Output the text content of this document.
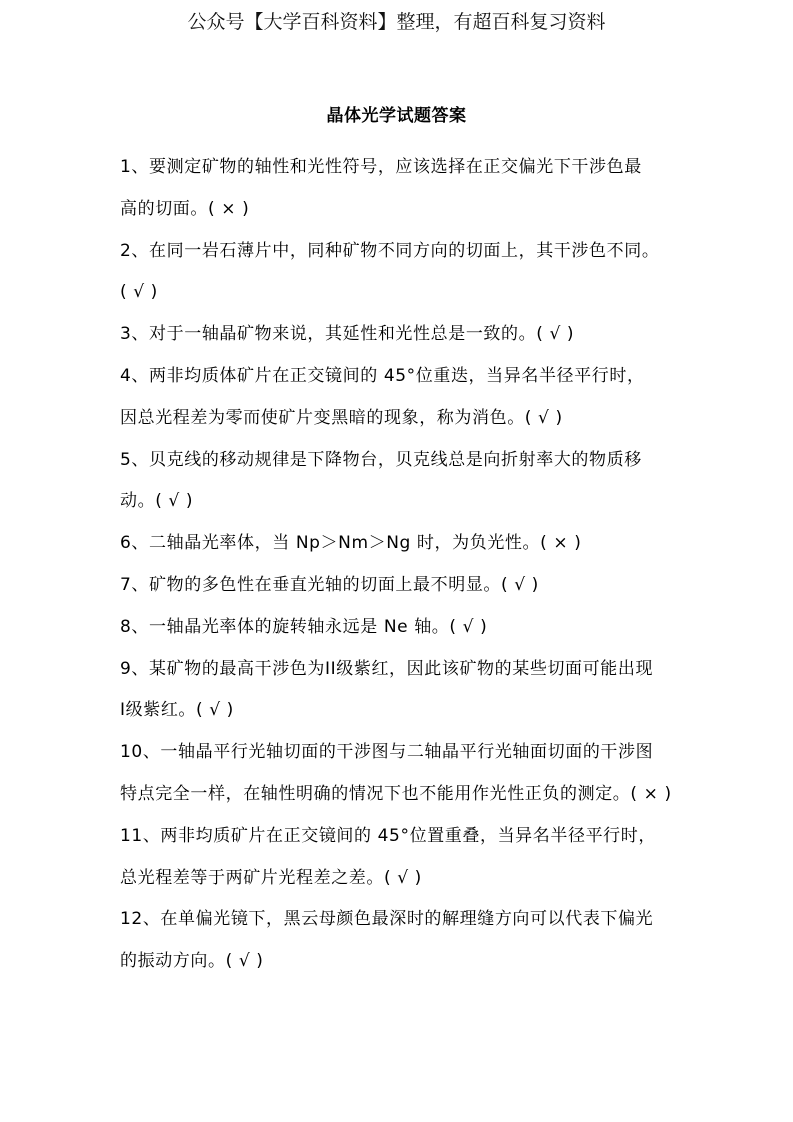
公众号【大学百科资料】整理，有超百科复习资料
晶体光学试题答案
1、要测定矿物的轴性和光性符号，应该选择在正交偏光下干涉色最
高的切面。( × )
2、在同一岩石薄片中，同种矿物不同方向的切面上，其干涉色不同。
( √ )
3、对于一轴晶矿物来说，其延性和光性总是一致的。( √ )
4、两非均质体矿片在正交镜间的 45°位重迭，当异名半径平行时，
因总光程差为零而使矿片变黑暗的现象，称为消色。( √ )
5、贝克线的移动规律是下降物台，贝克线总是向折射率大的物质移
动。( √ )
6、二轴晶光率体，当 Np＞Nm＞Ng 时，为负光性。( × )
7、矿物的多色性在垂直光轴的切面上最不明显。( √ )
8、一轴晶光率体的旋转轴永远是 Ne 轴。( √ )
9、某矿物的最高干涉色为II级紫红，因此该矿物的某些切面可能出现
I级紫红。( √ )
10、一轴晶平行光轴切面的干涉图与二轴晶平行光轴面切面的干涉图
特点完全一样，在轴性明确的情况下也不能用作光性正负的测定。( × )
11、两非均质矿片在正交镜间的 45°位置重叠，当异名半径平行时，
总光程差等于两矿片光程差之差。( √ )
12、在单偏光镜下，黑云母颜色最深时的解理缝方向可以代表下偏光
的振动方向。( √ )
